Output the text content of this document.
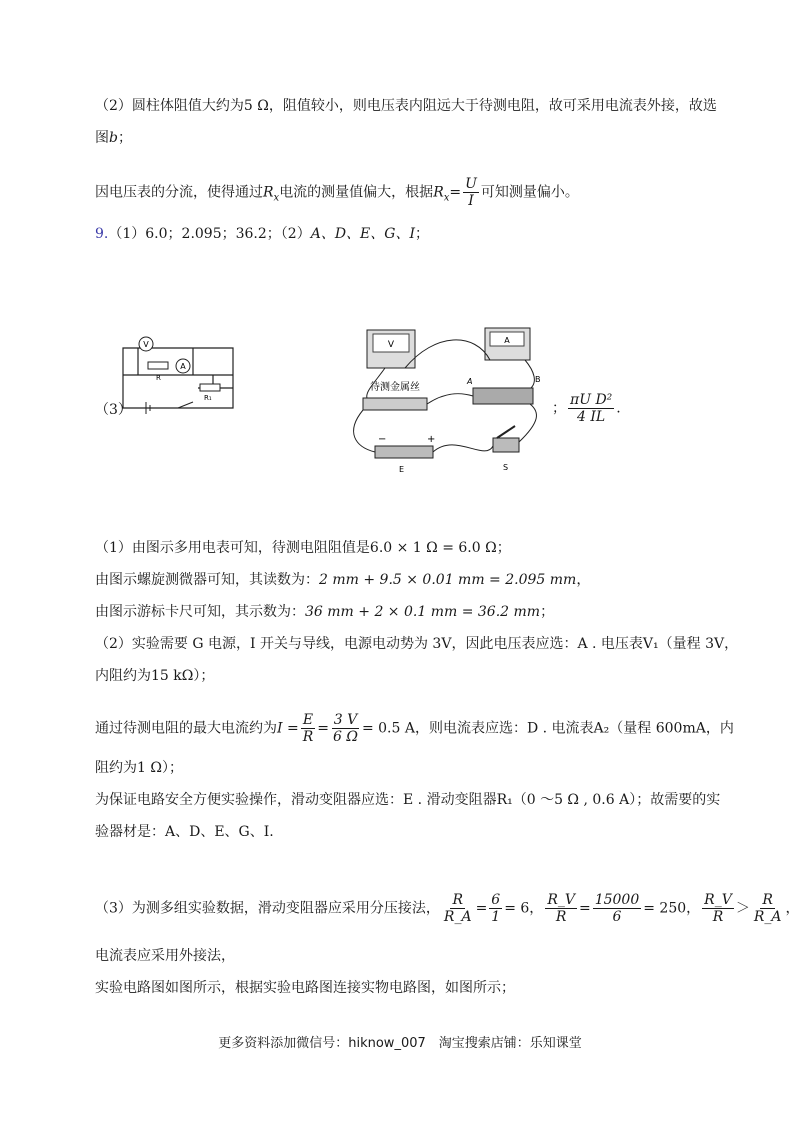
（2）圆柱体阻值大约为5 Ω，阻值较小，则电压表内阻远大于待测电阻，故可采用电流表外接，故选
图b；
因电压表的分流，使得通过$R_x$电流的测量值偏大，根据$R_x= \frac{U}{I}$ 可知测量偏小。
9.（1）6.0；2.095；36.2；（2）A、D、E、G、I；
（3）
V
A
R
R₁
V	A
待测金属丝
A	B
−	+
E	S
； $\frac{\text{πU D²}}{4 IL}$ .
（1）由图示多用电表可知，待测电阻阻值是6.0 × 1 Ω = 6.0 Ω；
由图示螺旋测微器可知，其读数为：2 mm + 9.5 × 0.01 mm = 2.095 mm，
由图示游标卡尺可知，其示数为：36 mm + 2 × 0.1 mm = 36.2 mm；
（2）实验需要 G 电源，I 开关与导线，电源电动势为 3V，因此电压表应选：A . 电压表V₁（量程 3V，
内阻约为15 kΩ）；
通过待测电阻的最大电流约为$I = \frac{E}{R} = \frac{3 V}{6 \Omega} = 0.5$ A，则电流表应选：D . 电流表A₂（量程 600mA，内
阻约为1 Ω）；
为保证电路安全方便实验操作，滑动变阻器应选：E . 滑动变阻器R₁（0 ～5 Ω , 0.6 A）；故需要的实
验器材是：A、D、E、G、I.
（3）为测多组实验数据，滑动变阻器应采用分压接法， $\frac{R}{R\_A} = \frac{6}{1} = 6$， $\frac{R\_V}{R} = \frac{15000}{6} = 250$， $\frac{R\_V}{R} > \frac{R}{R\_A}$ ，
电流表应采用外接法，
实验电路图如图所示，根据实验电路图连接实物电路图，如图所示；
更多资料添加微信号：hiknow_007　淘宝搜索店铺：乐知课堂
